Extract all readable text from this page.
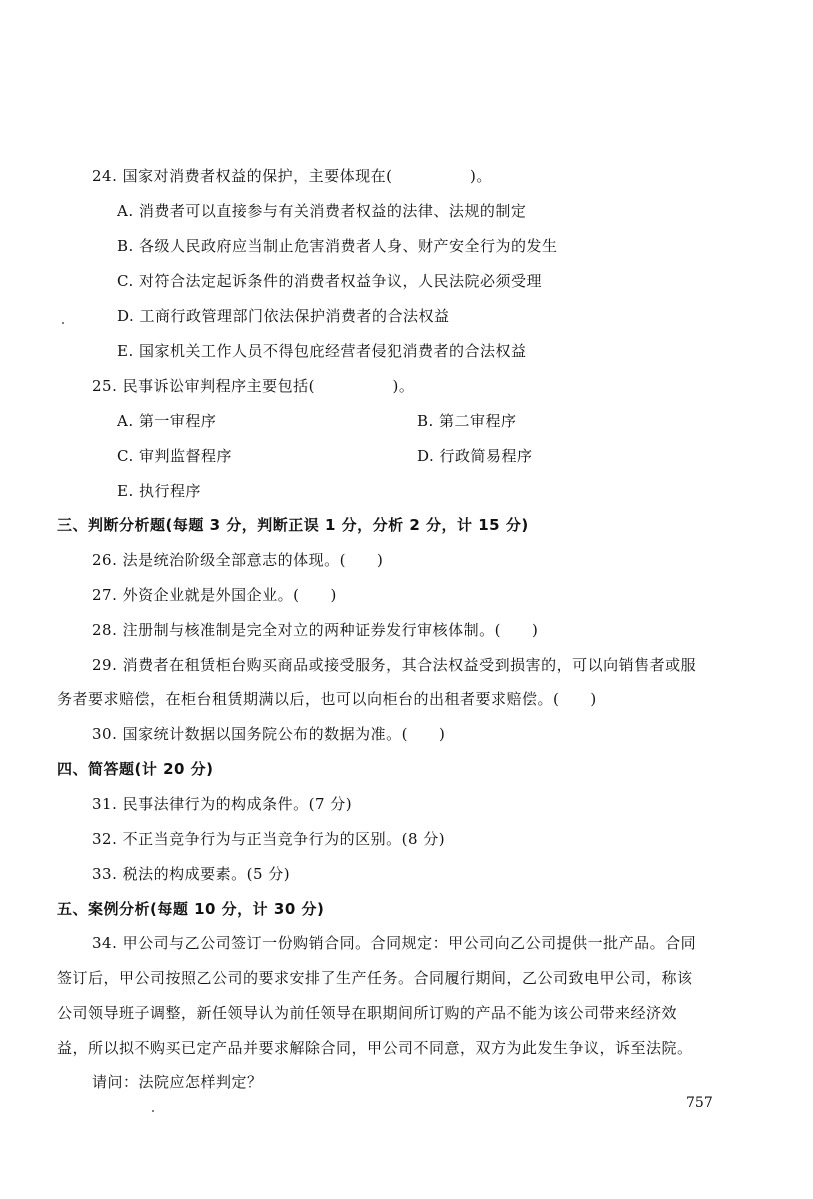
24. 国家对消费者权益的保护，主要体现在(　　　　　)。
A. 消费者可以直接参与有关消费者权益的法律、法规的制定
B. 各级人民政府应当制止危害消费者人身、财产安全行为的发生
C. 对符合法定起诉条件的消费者权益争议，人民法院必须受理
D. 工商行政管理部门依法保护消费者的合法权益
E. 国家机关工作人员不得包庇经营者侵犯消费者的合法权益
25. 民事诉讼审判程序主要包括(　　　　　)。
A. 第一审程序	B. 第二审程序
C. 审判监督程序	D. 行政简易程序
E. 执行程序
三、判断分析题(每题 3 分，判断正误 1 分，分析 2 分，计 15 分)
26. 法是统治阶级全部意志的体现。(　　)
27. 外资企业就是外国企业。(　　)
28. 注册制与核准制是完全对立的两种证券发行审核体制。(　　)
29. 消费者在租赁柜台购买商品或接受服务，其合法权益受到损害的，可以向销售者或服
务者要求赔偿，在柜台租赁期满以后，也可以向柜台的出租者要求赔偿。(　　)
30. 国家统计数据以国务院公布的数据为准。(　　)
四、简答题(计 20 分)
31. 民事法律行为的构成条件。(7 分)
32. 不正当竞争行为与正当竞争行为的区别。(8 分)
33. 税法的构成要素。(5 分)
五、案例分析(每题 10 分，计 30 分)
34. 甲公司与乙公司签订一份购销合同。合同规定：甲公司向乙公司提供一批产品。合同
签订后，甲公司按照乙公司的要求安排了生产任务。合同履行期间，乙公司致电甲公司，称该
公司领导班子调整，新任领导认为前任领导在职期间所订购的产品不能为该公司带来经济效
益，所以拟不购买已定产品并要求解除合同，甲公司不同意，双方为此发生争议，诉至法院。
请问：法院应怎样判定？
757
